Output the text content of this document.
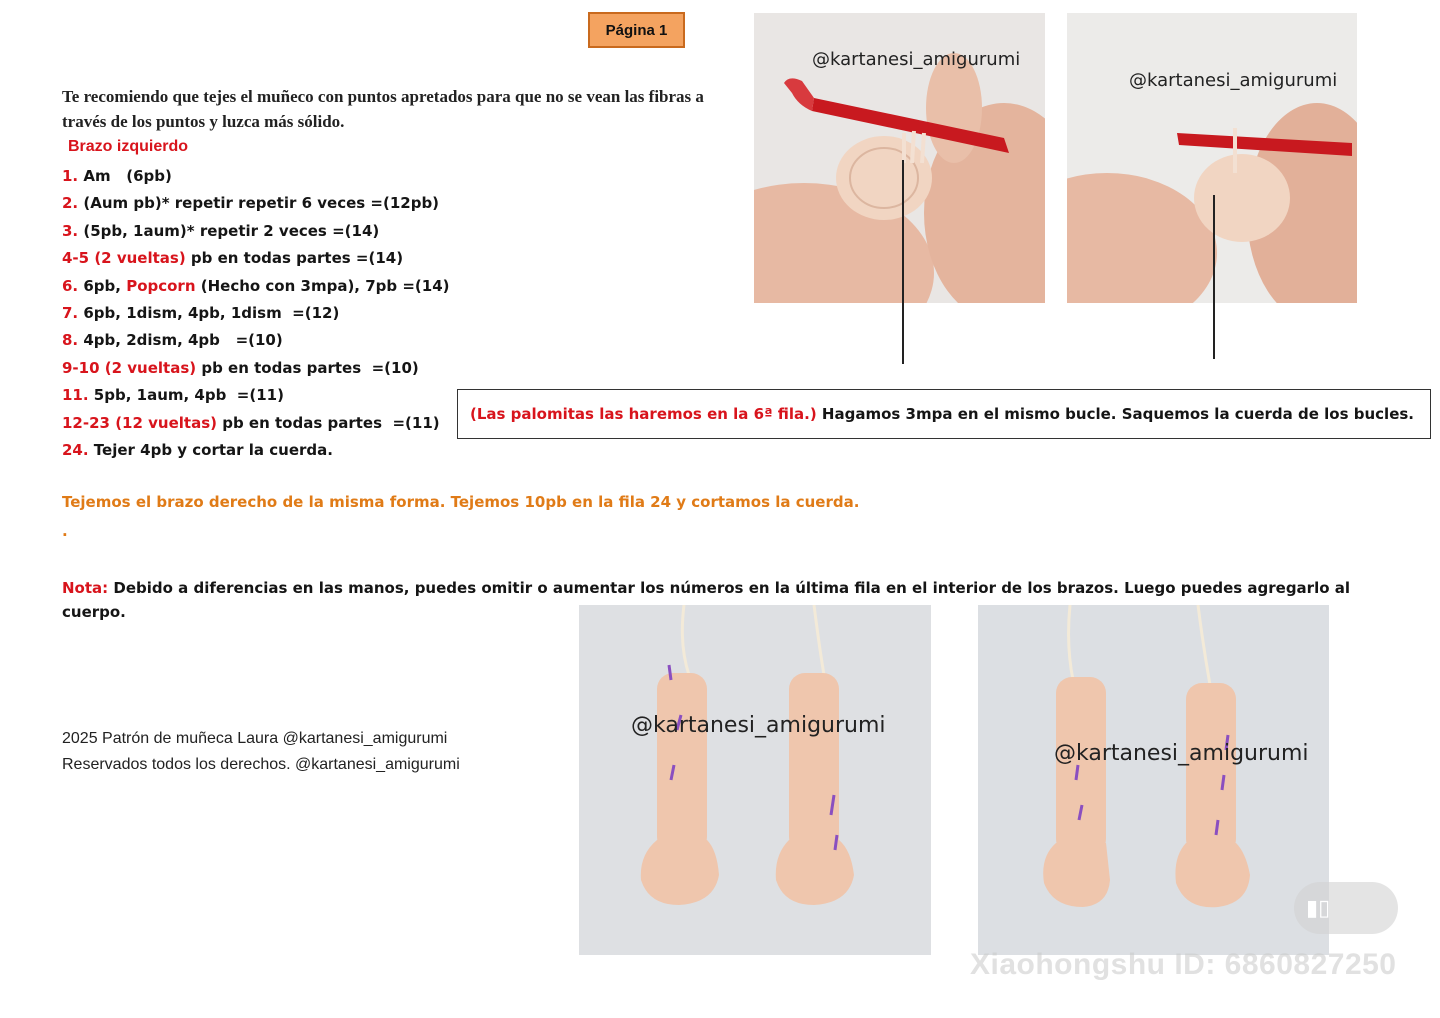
Página 1
Te recomiendo que tejes el muñeco con puntos apretados para que no se vean las fibras a través de los puntos y luzca más sólido.
Brazo izquierdo
1. Am   (6pb)
2. (Aum pb)* repetir repetir 6 veces =(12pb)
3. (5pb, 1aum)* repetir 2 veces =(14)
4-5 (2 vueltas) pb en todas partes =(14)
6. 6pb, Popcorn (Hecho con 3mpa), 7pb =(14)
7. 6pb, 1dism, 4pb, 1dism  =(12)
8. 4pb, 2dism, 4pb   =(10)
9-10 (2 vueltas) pb en todas partes  =(10)
11. 5pb, 1aum, 4pb  =(11)
12-23 (12 vueltas) pb en todas partes  =(11)
24. Tejer 4pb y cortar la cuerda.
Tejemos el brazo derecho de la misma forma. Tejemos 10pb en la fila 24 y cortamos la cuerda.
.
Nota: Debido a diferencias en las manos, puedes omitir o aumentar los números en la última fila en el interior de los brazos. Luego puedes agregarlo al cuerpo.
(Las palomitas las haremos en la 6ª fila.) Hagamos 3mpa en el mismo bucle. Saquemos la cuerda de los bucles.
2025 Patrón de muñeca Laura @kartanesi_amigurumi
Reservados todos los derechos. @kartanesi_amigurumi
@kartanesi_amigurumi
@kartanesi_amigurumi
@kartanesi_amigurumi
@kartanesi_amigurumi
▮▯
Xiaohongshu ID: 6860827250
